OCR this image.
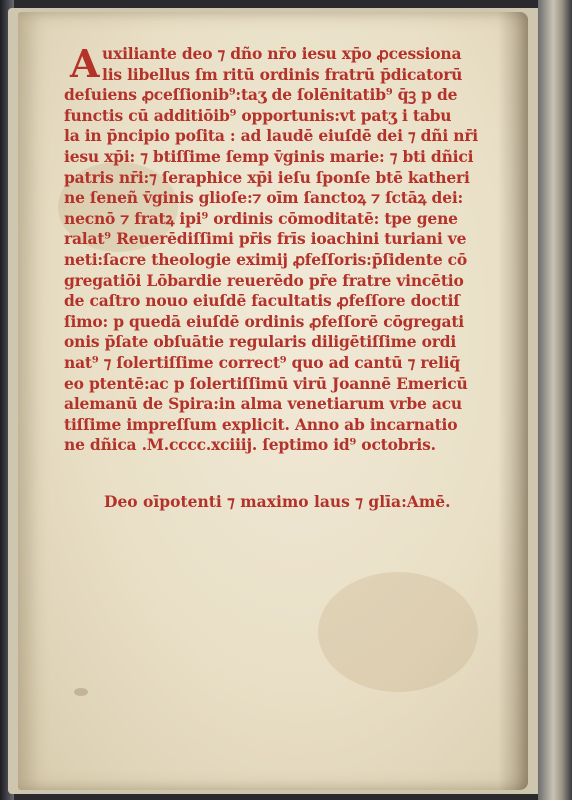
A uxiliante deo ⁊ dño nr̄o iesu xp̄o ꝓcessiona
lis libellus ſm ritū ordinis fratrū p̄dicatorū
deſuiens ꝓceſſionib⁹:taʒ de ſolēnitatib⁹ q̄ꝫ p de
functis cū additiōib⁹ opportunis:vt patʒ i tabu
la in p̄ncipio poſita : ad laudē eiuſdē dei ⁊ dñi nr̄i
iesu xp̄i: ⁊ btiſſime ſemp v̄ginis marie: ⁊ bti dñici
patris nr̄i:⁊ ſeraphice xp̄i ieſu ſponſe btē katheri
ne ſeneñ v̄ginis glioſe:⁊ oīm ſanctoꝝ ⁊ ſctāꝝ dei:
necnō ⁊ fratꝝ ipi⁹ ordinis cōmoditatē: tpe gene
ralat⁹ Reuerēdiſſimi pr̄is frīs ioachini turiani ve
neti:ſacre theologie eximij ꝓfeſſoris:p̄ſidente cō
gregatiōi Lōbardie reuerēdo pr̄e fratre vincētio
de caſtro nouo eiuſdē facultatis ꝓfeſſore doctiſ
ſimo: p quedā eiuſdē ordinis ꝓfeſſorē cōgregati
onis p̄ſate obſuātie regularis diligētiſſime ordi
nat⁹ ⁊ ſolertiſſime correct⁹ quo ad cantū ⁊ reliq̄
eo ptentē:ac p ſolertiſſimū virū Joannē Emericū
alemanū de Spira:in alma venetiarum vrbe acu
tiſſime impreſſum explicit. Anno ab incarnatio
ne dñica .M.cccc.xciiij. ſeptimo id⁹ octobris.
Deo oīpotenti ⁊ maximo laus ⁊ glīa:Amē.
